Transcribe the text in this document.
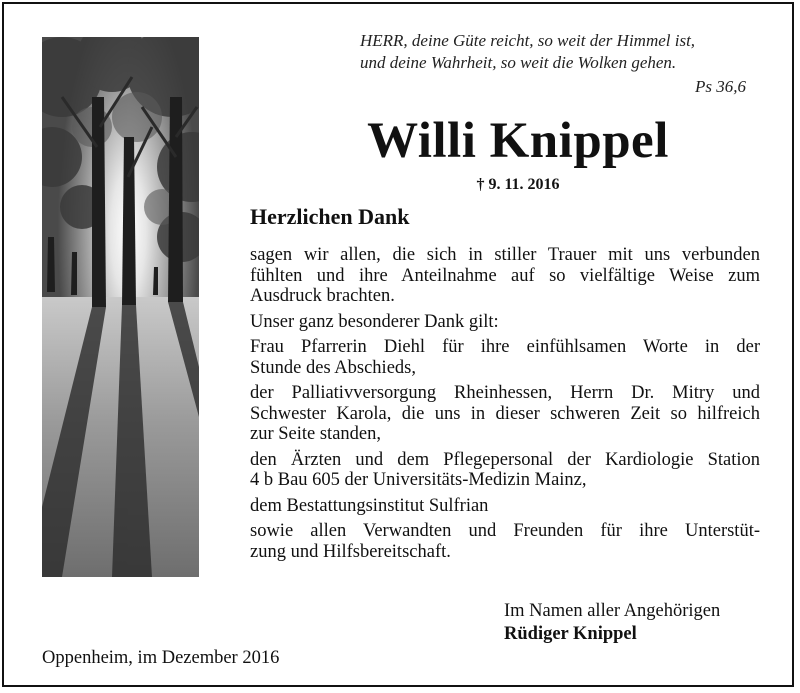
HERR, deine Güte reicht, so weit der Himmel ist,
und deine Wahrheit, so weit die Wolken gehen.
Ps 36,6
Willi Knippel
† 9. 11. 2016
Herzlichen Dank
sagen wir allen, die sich in stiller Trauer mit uns verbunden
fühlten und ihre Anteilnahme auf so vielfältige Weise zum
Ausdruck brachten.
Unser ganz besonderer Dank gilt:
Frau Pfarrerin Diehl für ihre einfühlsamen Worte in der
Stunde des Abschieds,
der Palliativversorgung Rheinhessen, Herrn Dr. Mitry und
Schwester Karola, die uns in dieser schweren Zeit so hilfreich
zur Seite standen,
den Ärzten und dem Pflegepersonal der Kardiologie Station
4 b Bau 605 der Universitäts-Medizin Mainz,
dem Bestattungsinstitut Sulfrian
sowie allen Verwandten und Freunden für ihre Unterstüt-
zung und Hilfsbereitschaft.
Im Namen aller Angehörigen
Rüdiger Knippel
Oppenheim, im Dezember 2016
